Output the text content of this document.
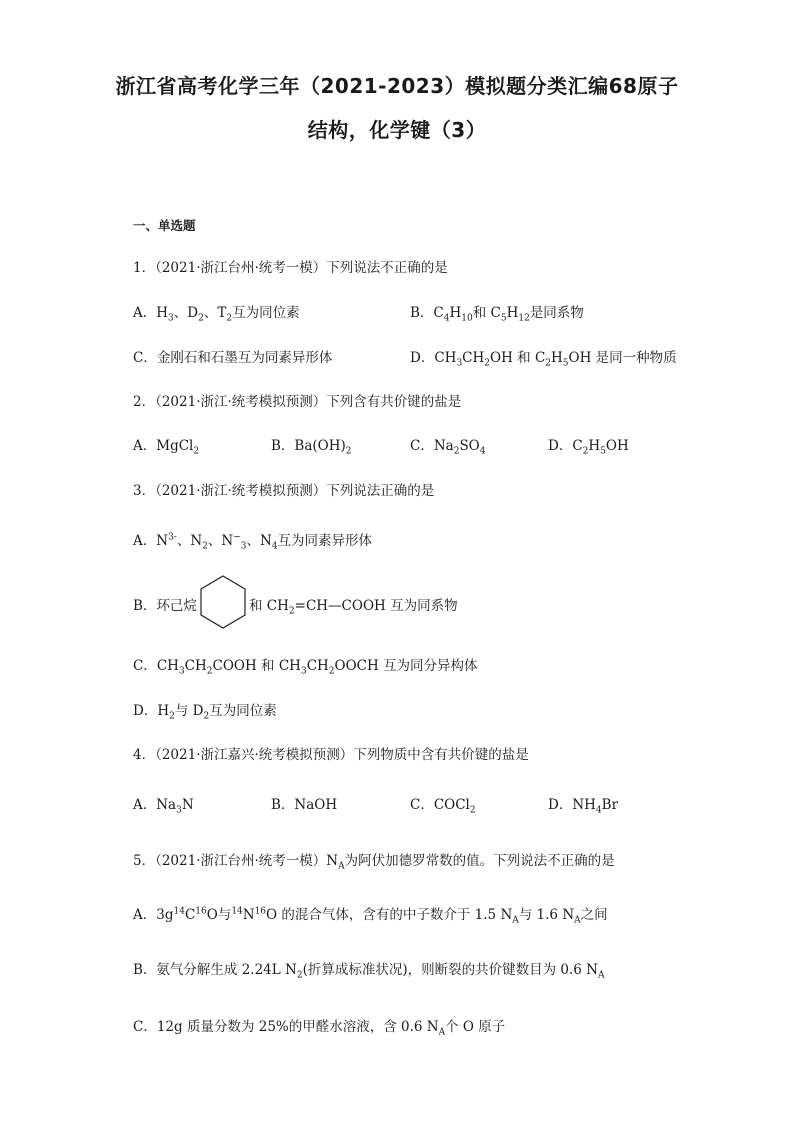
浙江省高考化学三年（2021-2023）模拟题分类汇编68原子
结构，化学键（3）
一、单选题
1．（2021·浙江台州·统考一模）下列说法不正确的是
A．$H_3$、$D_2$、$T_2$互为同位素	B．$C_4H_{10}$和 $C_5H_{12}$是同系物
C．金刚石和石墨互为同素异形体	D．$CH_3CH_2OH$ 和 $C_2H_5OH$ 是同一种物质
2．（2021·浙江·统考模拟预测）下列含有共价键的盐是
A．MgCl$_2$	B．$Ba(OH)_2$	C．$Na_2SO_4$	D．$C_2H_5OH$
3．（2021·浙江·统考模拟预测）下列说法正确的是
A．$N^{3-}$、$N_2$、$N^-_3$、$N_4$互为同素异形体
B．环己烷	和 $CH_2=CH—COOH$ 互为同系物
C．$CH_3CH_2COOH$ 和 $CH_3CH_2OOCH$ 互为同分异构体
D．$H_2$与 $D_2$互为同位素
4．（2021·浙江嘉兴·统考模拟预测）下列物质中含有共价键的盐是
A．$Na_3N$	B．NaOH	C．COCl$_2$	D．$NH_4Br$
5．（2021·浙江台州·统考一模）$N_A$为阿伏加德罗常数的值。下列说法不正确的是
A．$3g^{14}C^{16}O$与$^{14}N^{16}O$ 的混合气体，含有的中子数介于 1.5 $N_A$与 1.6 $N_A$之间
B．氨气分解生成 2.24L $N_2$(折算成标准状况)，则断裂的共价键数目为 0.6 $N_A$
C．12g 质量分数为 25%的甲醛水溶液，含 0.6 $N_A$个 O 原子
